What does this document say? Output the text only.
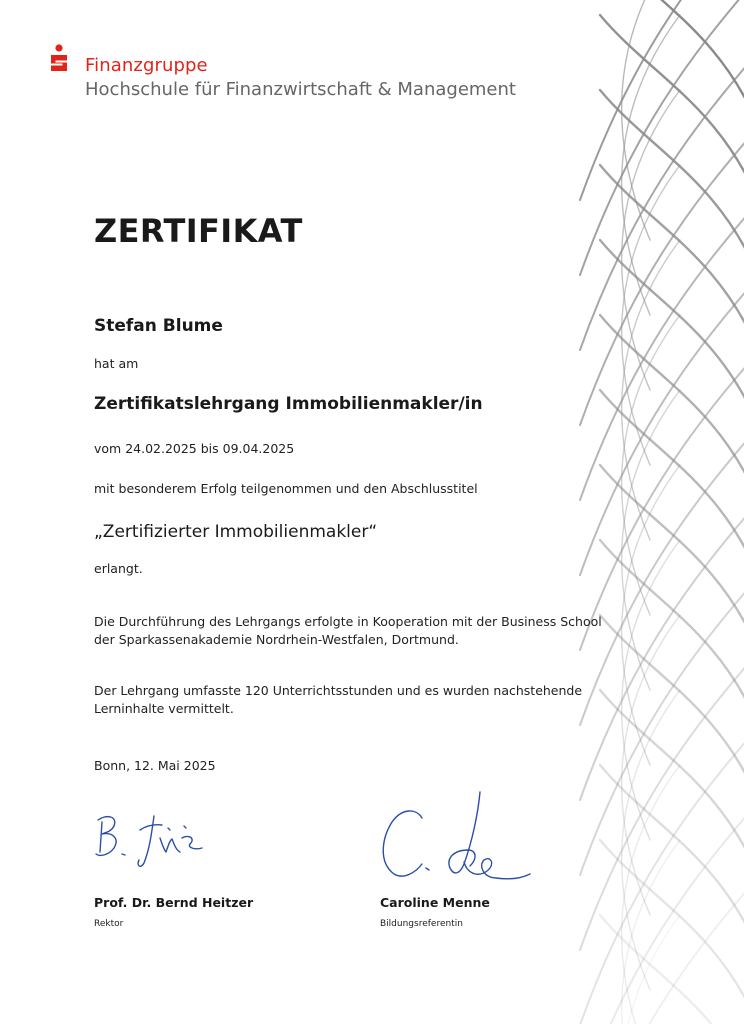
Finanzgruppe
Hochschule für Finanzwirtschaft & Management
ZERTIFIKAT
Stefan Blume
hat am
Zertifikatslehrgang Immobilienmakler/in
vom 24.02.2025 bis 09.04.2025
mit besonderem Erfolg teilgenommen und den Abschlusstitel
„Zertifizierter Immobilienmakler“
erlangt.
Die Durchführung des Lehrgangs erfolgte in Kooperation mit der Business School
der Sparkassenakademie Nordrhein-Westfalen, Dortmund.
Der Lehrgang umfasste 120 Unterrichtsstunden und es wurden nachstehende
Lerninhalte vermittelt.
Bonn, 12. Mai 2025
Prof. Dr. Bernd Heitzer
Rektor
Caroline Menne
Bildungsreferentin
